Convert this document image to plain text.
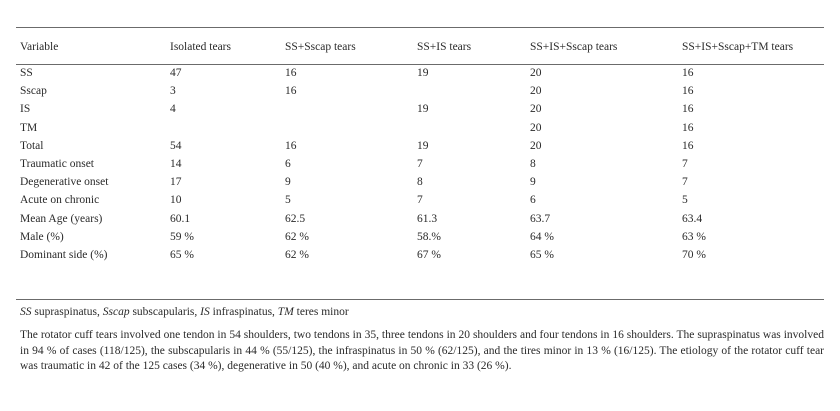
Variable	Isolated tears	SS+Sscap tears	SS+IS tears	SS+IS+Sscap tears	SS+IS+Sscap+TM tears

SS	47	16	19	20	16
Sscap	3	16		20	16
IS	4		19	20	16
TM				20	16
Total	54	16	19	20	16
Traumatic onset	14	6	7	8	7
Degenerative onset	17	9	8	9	7
Acute on chronic	10	5	7	6	5
Mean Age (years)	60.1	62.5	61.3	63.7	63.4
Male (%)	59 %	62 %	58.%	64 %	63 %
Dominant side (%)	65 %	62 %	67 %	65 %	70 %
SS supraspinatus, Sscap subscapularis, IS infraspinatus, TM teres minor
The rotator cuff tears involved one tendon in 54 shoulders, two tendons in 35, three tendons in 20 shoulders and four tendons in 16 shoulders. The supraspinatus was involved in 94 % of cases (118/125), the subscapularis in 44 % (55/125), the infraspinatus in 50 % (62/125), and the tires minor in 13 % (16/125). The etiology of the rotator cuff tear was traumatic in 42 of the 125 cases (34 %), degenerative in 50 (40 %), and acute on chronic in 33 (26 %).
